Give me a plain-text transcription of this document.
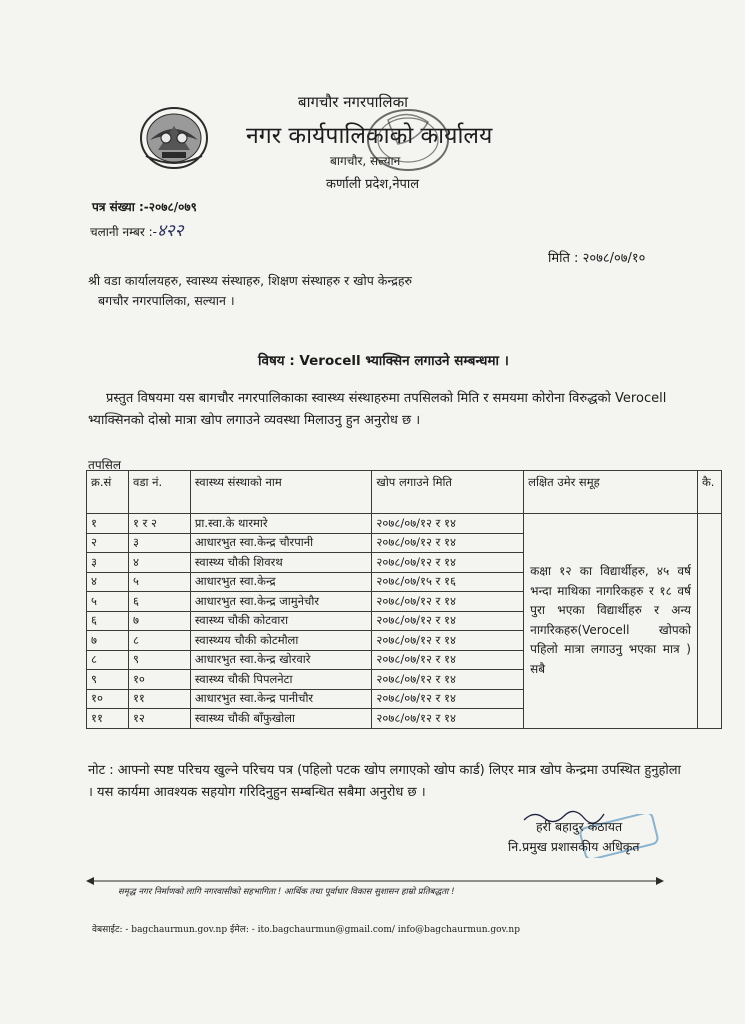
बागचौर नगरपालिका
नगर कार्यपालिकाको कार्यालय
बागचौर, सल्यान
कर्णाली प्रदेश,नेपाल
पत्र संख्या :-२०७८/०७९
चलानी नम्बर :-४२२
मिति : २०७८/०७/१०
श्री वडा कार्यालयहरु, स्वास्थ्य संस्थाहरु, शिक्षण संस्थाहरु र खोप केन्द्रहरु
बगचौर नगरपालिका, सल्यान ।
विषय : Verocell भ्याक्सिन लगाउने सम्बन्धमा ।
प्रस्तुत विषयमा यस बागचौर नगरपालिकाका स्वास्थ्य संस्थाहरुमा तपसिलको मिति र समयमा कोरोना विरुद्धको Verocell भ्याक्सिनको दोस्रो मात्रा खोप लगाउने व्यवस्था मिलाउनु हुन अनुरोध छ ।
तपसिल
क्र.सं	वडा नं.	स्वास्थ्य संस्थाको नाम	खोप लगाउने मिति	लक्षित उमेर समूह	कै.
१	१ र २	प्रा.स्वा.के थारमारे	२०७८/०७/१२ र १४	कक्षा १२ का विद्यार्थीहरु, ४५ वर्ष भन्दा माथिका नागरिकहरु र १८ वर्ष पुरा भएका विद्यार्थीहरु र अन्य नागरिकहरु(Verocell खोपको पहिलो मात्रा लगाउनु भएका मात्र ) सबै	
२	३	आधारभुत स्वा.केन्द्र चौरपानी	२०७८/०७/१२ र १४		
३	४	स्वास्थ्य चौकी शिवरथ	२०७८/०७/१२ र १४		
४	५	आधारभुत स्वा.केन्द्र	२०७८/०७/१५ र १६		
५	६	आधारभुत स्वा.केन्द्र जामुनेचौर	२०७८/०७/१२ र १४		
६	७	स्वास्थ्य चौकी कोटवारा	२०७८/०७/१२ र १४		
७	८	स्वास्थ्यय चौकी कोटमौला	२०७८/०७/१२ र १४		
८	९	आधारभुत स्वा.केन्द्र खोरवारे	२०७८/०७/१२ र १४		
९	१०	स्वास्थ्य चौकी पिपलनेटा	२०७८/०७/१२ र १४		
१०	११	आधारभुत स्वा.केन्द्र पानीचौर	२०७८/०७/१२ र १४		
११	१२	स्वास्थ्य चौकी बाँफुखोला	२०७८/०७/१२ र १४		
नोट : आफ्नो स्पष्ट परिचय खुल्ने परिचय पत्र (पहिलो पटक खोप लगाएको खोप कार्ड) लिएर मात्र खोप केन्द्रमा उपस्थित हुनुहोला । यस कार्यमा आवश्यक सहयोग गरिदिनुहुन सम्बन्धित सबैमा अनुरोध छ ।
हरी बहादुर कठायत
नि.प्रमुख प्रशासकीय अधिकृत
समृद्ध नगर निर्माणको लागि नगरवासीको सहभागिता ! आर्थिक तथा पूर्वाधार विकास सुशासन हाम्रो प्रतिबद्धता !
वेबसाईट: - bagchaurmun.gov.np ईमेल: - ito.bagchaurmun@gmail.com/ info@bagchaurmun.gov.np
